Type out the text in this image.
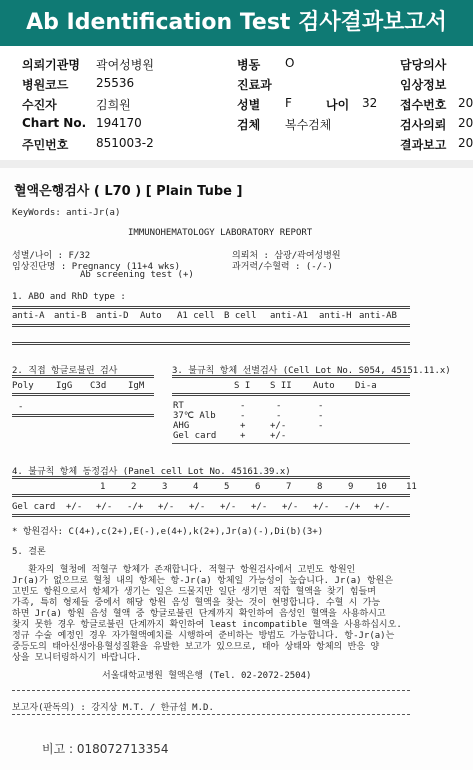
Ab Identification Test 검사결과보고서
의뢰기관명 곽여성병원	병동 O	담당의사
병원코드 25536	진료과	임상정보
수진자	김희원	성별 F	나이 32 접수번호 20
Chart No. 194170	검체 복수검체	검사의뢰 20
주민번호 851003-2	결과보고 20
혈액은행검사 ( L70 ) [ Plain Tube ]
KeyWords: anti-Jr(a)
IMMUNOHEMATOLOGY LABORATORY REPORT
성별/나이 : F/32	의뢰처 : 삼광/곽여성병원
임상진단명 : Pregnancy (11+4 wks)	과거력/수혈력 : (-/-)
Ab screening test (+)
1. ABO and RhD type :
anti-A anti-B anti-D Auto A1 cell B cell anti-A1 anti-H anti-AB
2. 직접 항글로불린 검사	3. 불규칙 항체 선별검사 (Cell Lot No. S054, 45151.11.x)
Poly IgG C3d IgM	S I S II Auto Di-a
-	RT	-	-	-
37℃ Alb	-	-	-
AHG	+	+/-	-
Gel card	+	+/-
4. 불규칙 항체 동정검사 (Panel cell Lot No. 45161.39.x)
1	2	3	4	5	6	7	8	9	10 11
Gel card +/- +/- -/+ +/- +/- +/- +/- +/- +/- -/+ +/-
* 항원검사: C(4+),c(2+),E(-),e(4+),k(2+),Jr(a)(-),Di(b)(3+)
5. 결론
환자의 혈청에 적혈구 항체가 존재합니다. 적혈구 항원검사에서 고빈도 항원인
Jr(a)가 없으므로 혈청 내의 항체는 항-Jr(a) 항체일 가능성이 높습니다. Jr(a) 항원은
고빈도 항원으로서 항체가 생기는 일은 드물지만 일단 생기면 적합 혈액을 찾기 힘들며
가족, 특히 형제들 중에서 해당 항원 음성 혈액을 찾는 것이 현명합니다. 수혈 시 가능
하면 Jr(a) 항원 음성 혈액 중 항글로불린 단계까지 확인하여 음성인 혈액을 사용하시고
찾지 못한 경우 항글로불린 단계까지 확인하여 least incompatible 혈액을 사용하십시오.
정규 수술 예정인 경우 자가혈액예치를 시행하여 준비하는 방법도 가능합니다. 항-Jr(a)는
중등도의 태아신생아용혈성질환을 유발한 보고가 있으므로, 태아 상태와 항체의 반응 양
상을 모니터링하시기 바랍니다.
서울대학교병원 혈액은행 (Tel. 02-2072-2504)
보고자(판독의) : 강지상 M.T. / 한규섭 M.D.
비고 : 018072713354
